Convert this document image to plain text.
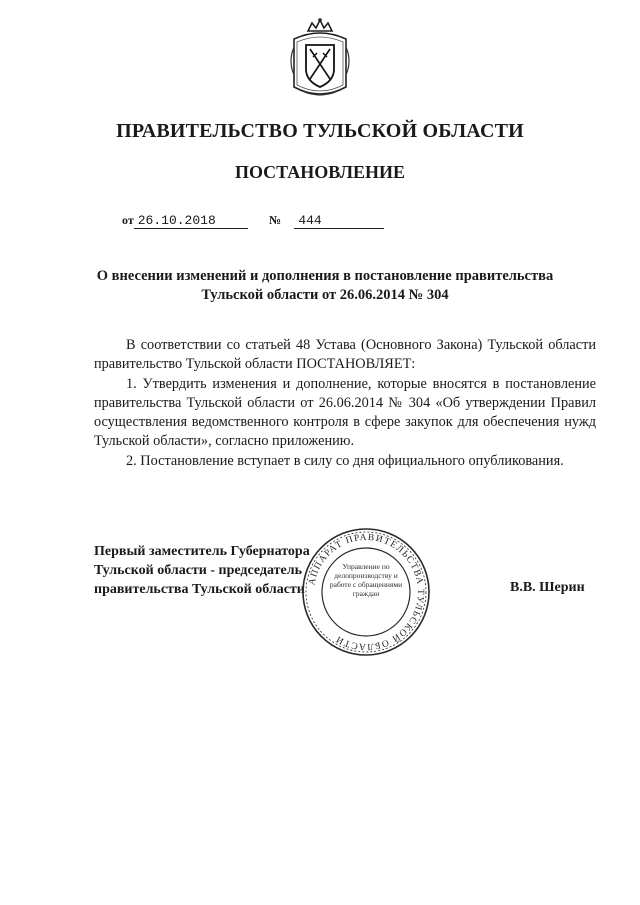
ПРАВИТЕЛЬСТВО ТУЛЬСКОЙ ОБЛАСТИ
ПОСТАНОВЛЕНИЕ
от 26.10.2018	№ 444
О внесении изменений и дополнения в постановление правительства
Тульской области от 26.06.2014 № 304

В соответствии со статьей 48 Устава (Основного Закона) Тульской области правительство Тульской области ПОСТАНОВЛЯЕТ:

1. Утвердить изменения и дополнение, которые вносятся в постановление правительства Тульской области от 26.06.2014 № 304 «Об утверждении Правил осуществления ведомственного контроля в сфере закупок для обеспечения нужд Тульской области», согласно приложению.

2. Постановление вступает в силу со дня официального опубликования.

Первый заместитель Губернатора
Тульской области - председатель
правительства Тульской области	В.В. Шерин
АППАРАТ ПРАВИТЕЛЬСТВА ТУЛЬСКОЙ ОБЛАСТИ
Управление по делопроизводству и работе с обращениями граждан
